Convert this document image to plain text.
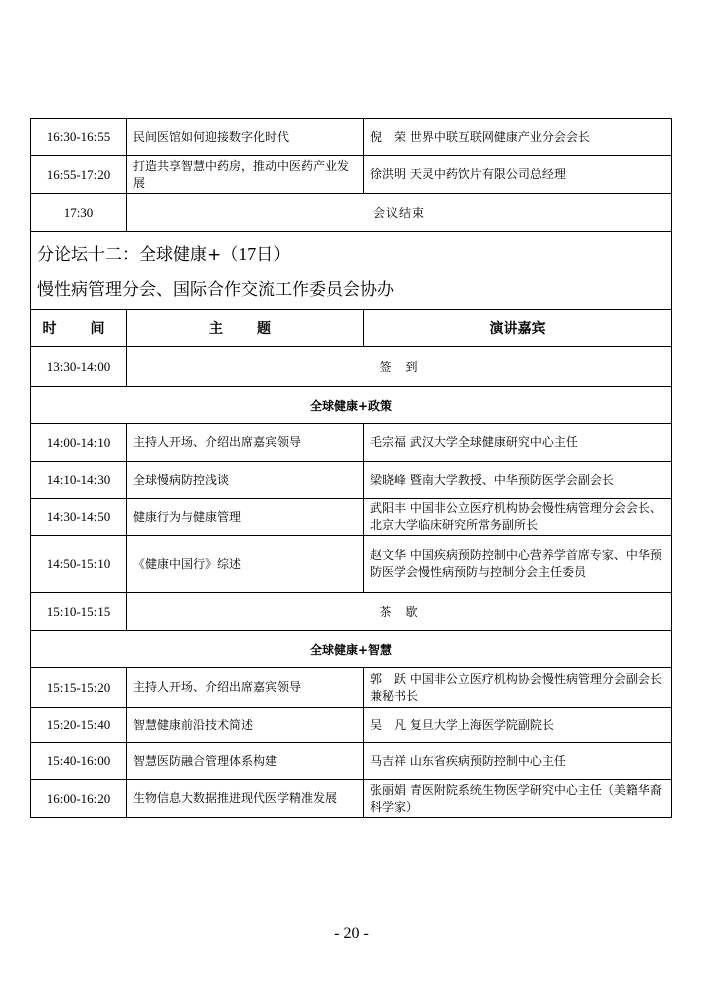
16:30-16:55	民间医馆如何迎接数字化时代	倪　荣 世界中联互联网健康产业分会会长
16:55-17:20	打造共享智慧中药房，推动中医药产业发展	徐洪明 天灵中药饮片有限公司总经理
17:30	会议结束	

分论坛十二：全球健康+（17日）
慢性病管理分会、国际合作交流工作委员会协办		

时　间	主　题	演讲嘉宾
13:30-14:00	签　到	
全球健康+政策		
14:00-14:10	主持人开场、介绍出席嘉宾领导	毛宗福 武汉大学全球健康研究中心主任
14:10-14:30	全球慢病防控浅谈	梁晓峰 暨南大学教授、中华预防医学会副会长
14:30-14:50	健康行为与健康管理	武阳丰 中国非公立医疗机构协会慢性病管理分会会长、北京大学临床研究所常务副所长
14:50-15:10	《健康中国行》综述	赵文华 中国疾病预防控制中心营养学首席专家、中华预防医学会慢性病预防与控制分会主任委员
15:10-15:15	茶　歇	
全球健康+智慧		
15:15-15:20	主持人开场、介绍出席嘉宾领导	郭　跃 中国非公立医疗机构协会慢性病管理分会副会长兼秘书长
15:20-15:40	智慧健康前沿技术简述	吴　凡 复旦大学上海医学院副院长
15:40-16:00	智慧医防融合管理体系构建	马吉祥 山东省疾病预防控制中心主任
16:00-16:20	生物信息大数据推进现代医学精准发展	张丽娟 青医附院系统生物医学研究中心主任（美籍华裔科学家）
- 20 -
